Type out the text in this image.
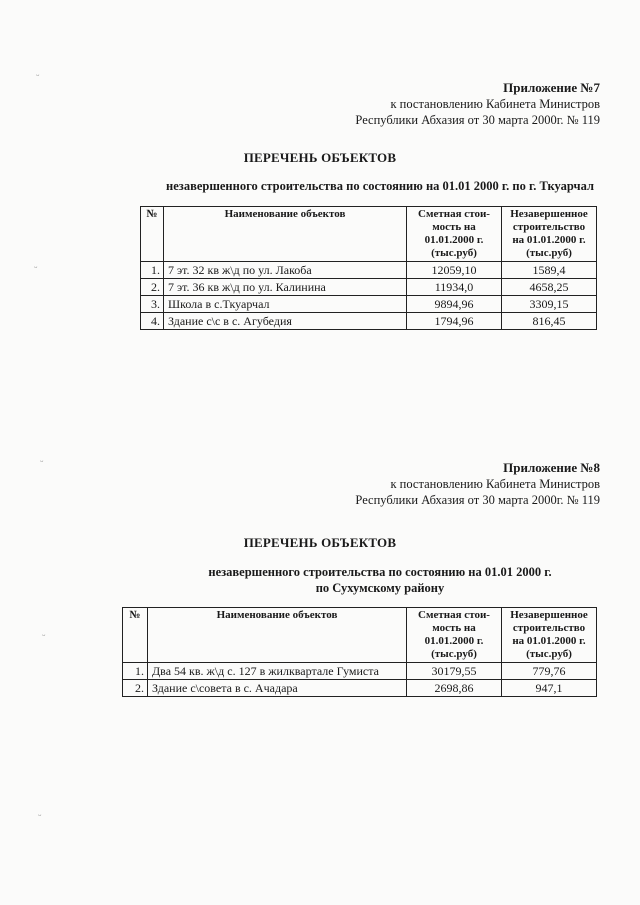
ᵕ
ᵕ
ᵕ
ᵕ
ᵕ
Приложение №7
к постановлению Кабинета Министров
Республики Абхазия от 30 марта 2000г. № 119
ПЕРЕЧЕНЬ ОБЪЕКТОВ
незавершенного строительства по состоянию на 01.01 2000 г. по г. Ткуарчал
№	Наименование объектов	Сметная стои-мость на 01.01.2000 г. (тыс.руб)	Незавершенное строительство на 01.01.2000 г. (тыс.руб)
1.	7 эт. 32 кв ж\д по ул. Лакоба	12059,10	1589,4
2.	7 эт. 36 кв ж\д по ул. Калинина	11934,0	4658,25
3.	Школа в с.Ткуарчал	9894,96	3309,15
4.	Здание с\с в с. Агубедия	1794,96	816,45
Приложение №8
к постановлению Кабинета Министров
Республики Абхазия от 30 марта 2000г. № 119
ПЕРЕЧЕНЬ ОБЪЕКТОВ
незавершенного строительства по состоянию на 01.01 2000 г.
по Сухумскому району
№	Наименование объектов	Сметная стои-мость на 01.01.2000 г. (тыс.руб)	Незавершенное строительство на 01.01.2000 г. (тыс.руб)
1.	Два 54 кв. ж\д с. 127 в жилквартале Гумиста	30179,55	779,76
2.	Здание с\совета в с. Ачадара	2698,86	947,1
